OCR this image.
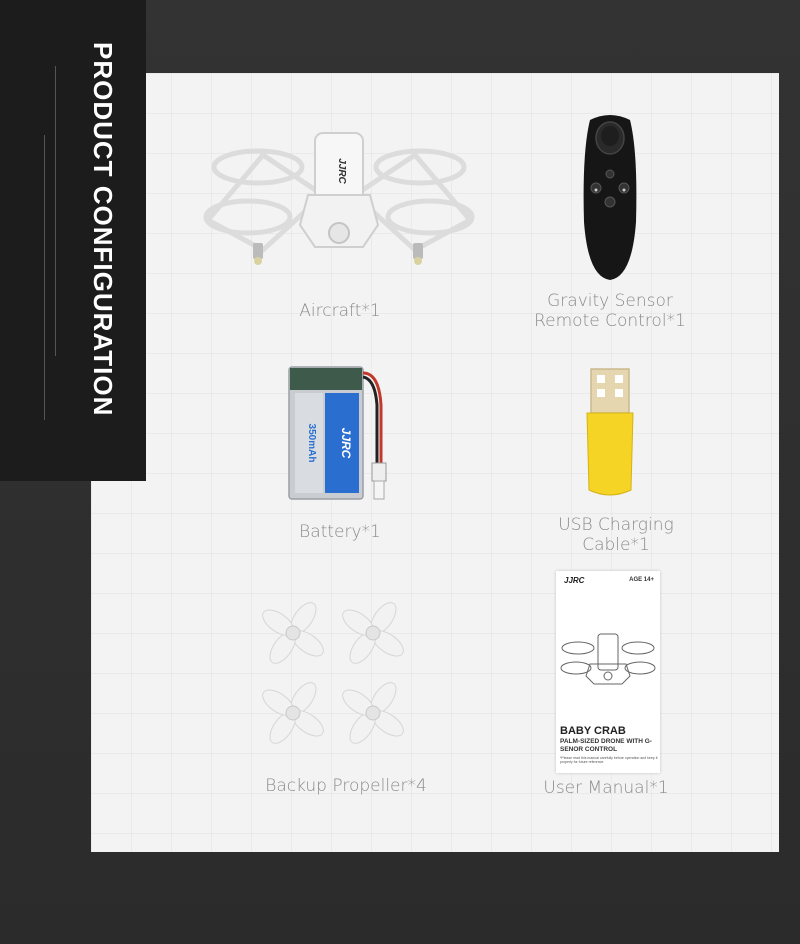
PRODUCT CONFIGURATION	JJRC
Aircraft*1	Gravity Sensor
Remote Control*1
JJRC
350mAh
Battery*1	USB Charging
Cable*1
Backup Propeller*4
JJRC	AGE 14+
BABY CRAB
PALM-SIZED DRONE WITH G-SENOR CONTROL
*Please read this manual carefully before operation and keep it properly for future reference.
User Manual*1
